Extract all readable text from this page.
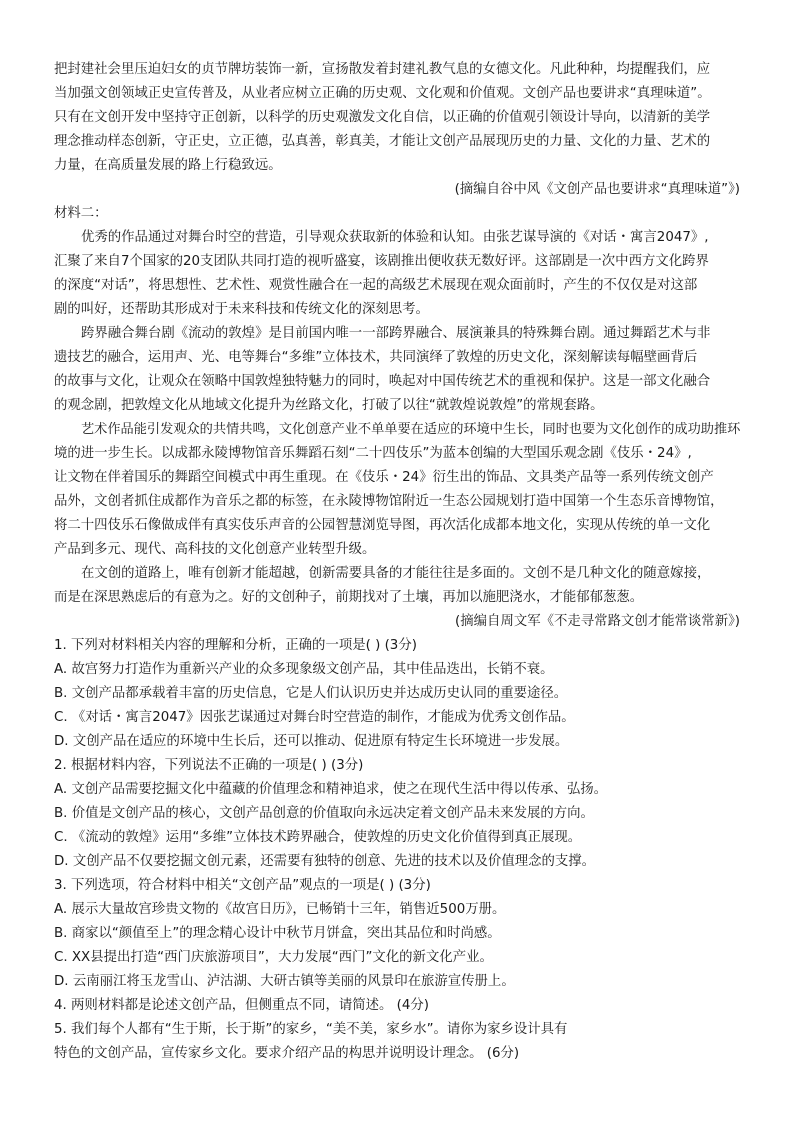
把封建社会里压迫妇女的贞节牌坊装饰一新，宣扬散发着封建礼教气息的女德文化。凡此种种，均提醒我们，应
当加强文创领域正史宣传普及，从业者应树立正确的历史观、文化观和价值观。文创产品也要讲求“真理味道”。
只有在文创开发中坚持守正创新，以科学的历史观激发文化自信，以正确的价值观引领设计导向，以清新的美学
理念推动样态创新，守正史，立正德，弘真善，彰真美，才能让文创产品展现历史的力量、文化的力量、艺术的
力量，在高质量发展的路上行稳致远。
(摘编自谷中风《文创产品也要讲求“真理味道”》)
材料二：
优秀的作品通过对舞台时空的营造，引导观众获取新的体验和认知。由张艺谋导演的《对话・寓言2047》,
汇聚了来自7个国家的20支团队共同打造的视听盛宴，该剧推出便收获无数好评。这部剧是一次中西方文化跨界
的深度“对话”，将思想性、艺术性、观赏性融合在一起的高级艺术展现在观众面前时，产生的不仅仅是对这部
剧的叫好，还帮助其形成对于未来科技和传统文化的深刻思考。
跨界融合舞台剧《流动的敦煌》是目前国内唯一一部跨界融合、展演兼具的特殊舞台剧。通过舞蹈艺术与非
遗技艺的融合，运用声、光、电等舞台“多维”立体技术，共同演绎了敦煌的历史文化，深刻解读每幅壁画背后
的故事与文化，让观众在领略中国敦煌独特魅力的同时，唤起对中国传统艺术的重视和保护。这是一部文化融合
的观念剧，把敦煌文化从地域文化提升为丝路文化，打破了以往“就敦煌说敦煌”的常规套路。
艺术作品能引发观众的共情共鸣，文化创意产业不单单要在适应的环境中生长，同时也要为文化创作的成功助推环
境的进一步生长。以成都永陵博物馆音乐舞蹈石刻“二十四伎乐”为蓝本创编的大型国乐观念剧《伎乐・24》,
让文物在伴着国乐的舞蹈空间模式中再生重现。在《伎乐・24》衍生出的饰品、文具类产品等一系列传统文创产
品外，文创者抓住成都作为音乐之都的标签，在永陵博物馆附近一生态公园规划打造中国第一个生态乐音博物馆，
将二十四伎乐石像做成伴有真实伎乐声音的公园智慧浏览导图，再次活化成都本地文化，实现从传统的单一文化
产品到多元、现代、高科技的文化创意产业转型升级。
在文创的道路上，唯有创新才能超越，创新需要具备的才能往往是多面的。文创不是几种文化的随意嫁接，
而是在深思熟虑后的有意为之。好的文创种子，前期找对了土壤，再加以施肥浇水，才能郁郁葱葱。
(摘编自周文军《不走寻常路文创才能常谈常新》)
1. 下列对材料相关内容的理解和分析，正确的一项是( ) (3分)
A. 故宫努力打造作为重新兴产业的众多现象级文创产品，其中佳品迭出，长销不衰。
B. 文创产品都承载着丰富的历史信息，它是人们认识历史并达成历史认同的重要途径。
C. 《对话・寓言2047》因张艺谋通过对舞台时空营造的制作，才能成为优秀文创作品。
D. 文创产品在适应的环境中生长后，还可以推动、促进原有特定生长环境进一步发展。
2. 根据材料内容，下列说法不正确的一项是( ) (3分)
A. 文创产品需要挖掘文化中蕴藏的价值理念和精神追求，使之在现代生活中得以传承、弘扬。
B. 价值是文创产品的核心，文创产品创意的价值取向永远决定着文创产品未来发展的方向。
C. 《流动的敦煌》运用“多维”立体技术跨界融合，使敦煌的历史文化价值得到真正展现。
D. 文创产品不仅要挖掘文创元素，还需要有独特的创意、先进的技术以及价值理念的支撑。
3. 下列选项，符合材料中相关“文创产品”观点的一项是( ) (3分)
A. 展示大量故宫珍贵文物的《故宫日历》，已畅销十三年，销售近500万册。
B. 商家以“颜值至上”的理念精心设计中秋节月饼盒，突出其品位和时尚感。
C. XX县提出打造“西门庆旅游项目”，大力发展“西门”文化的新文化产业。
D. 云南丽江将玉龙雪山、泸沽湖、大研古镇等美丽的风景印在旅游宣传册上。
4. 两则材料都是论述文创产品，但侧重点不同，请简述。 (4分)
5. 我们每个人都有“生于斯，长于斯”的家乡，“美不美，家乡水”。请你为家乡设计具有
特色的文创产品，宣传家乡文化。要求介绍产品的构思并说明设计理念。 (6分)
